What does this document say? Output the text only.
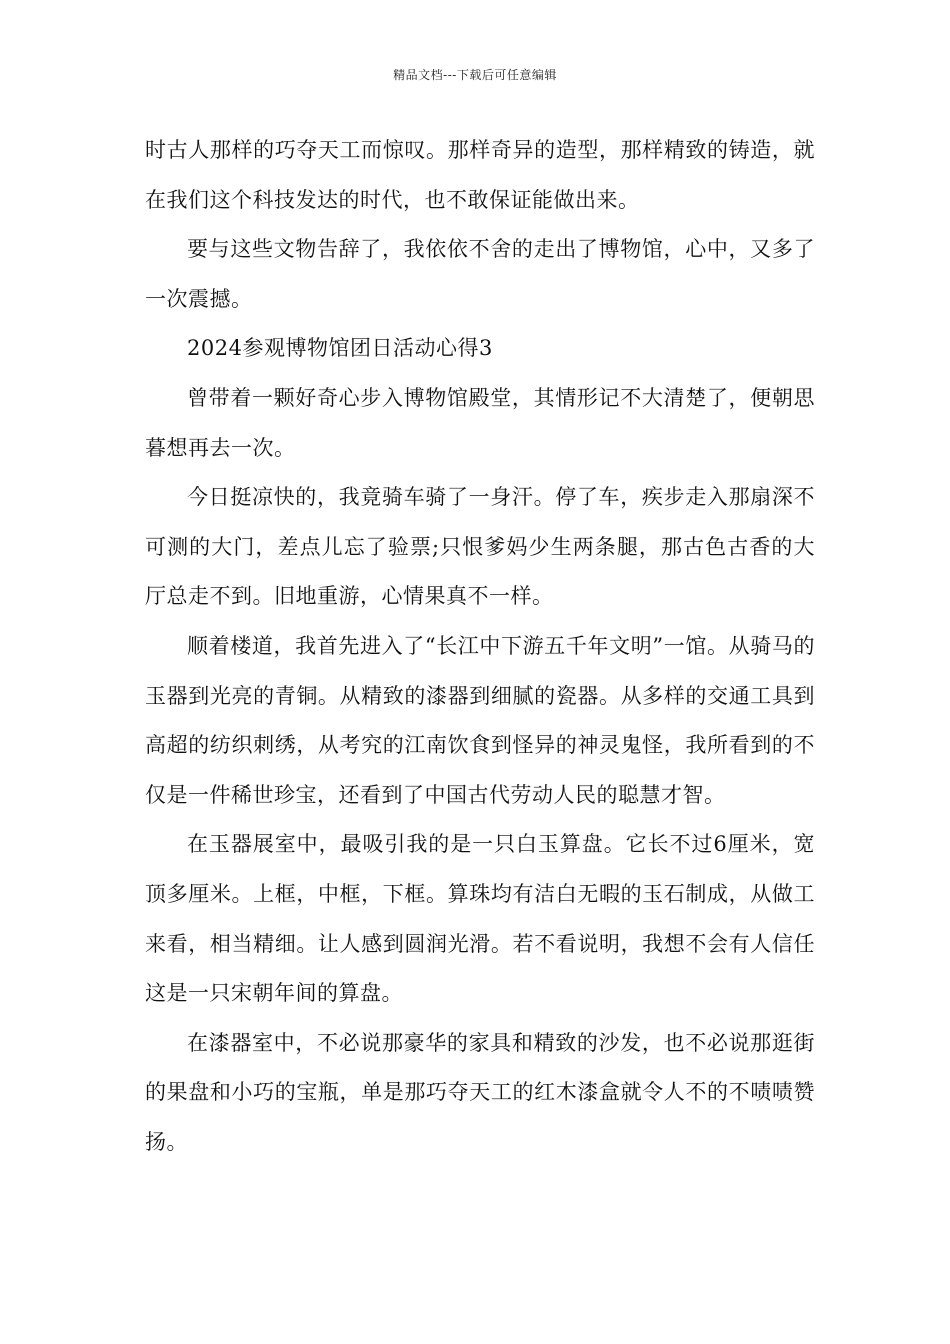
精品文档---下载后可任意编辑

时古人那样的巧夺天工而惊叹。那样奇异的造型，那样精致的铸造，就在我们这个科技发达的时代，也不敢保证能做出来。

要与这些文物告辞了，我依依不舍的走出了博物馆，心中，又多了一次震撼。

2024参观博物馆团日活动心得3

曾带着一颗好奇心步入博物馆殿堂，其情形记不大清楚了，便朝思暮想再去一次。

今日挺凉快的，我竟骑车骑了一身汗。停了车，疾步走入那扇深不可测的大门，差点儿忘了验票;只恨爹妈少生两条腿，那古色古香的大厅总走不到。旧地重游，心情果真不一样。

顺着楼道，我首先进入了“长江中下游五千年文明”一馆。从骑马的玉器到光亮的青铜。从精致的漆器到细腻的瓷器。从多样的交通工具到高超的纺织刺绣，从考究的江南饮食到怪异的神灵鬼怪，我所看到的不仅是一件稀世珍宝，还看到了中国古代劳动人民的聪慧才智。

在玉器展室中，最吸引我的是一只白玉算盘。它长不过6厘米，宽顶多厘米。上框，中框，下框。算珠均有洁白无暇的玉石制成，从做工来看，相当精细。让人感到圆润光滑。若不看说明，我想不会有人信任这是一只宋朝年间的算盘。

在漆器室中，不必说那豪华的家具和精致的沙发，也不必说那逛街的果盘和小巧的宝瓶，单是那巧夺天工的红木漆盒就令人不的不啧啧赞扬。
